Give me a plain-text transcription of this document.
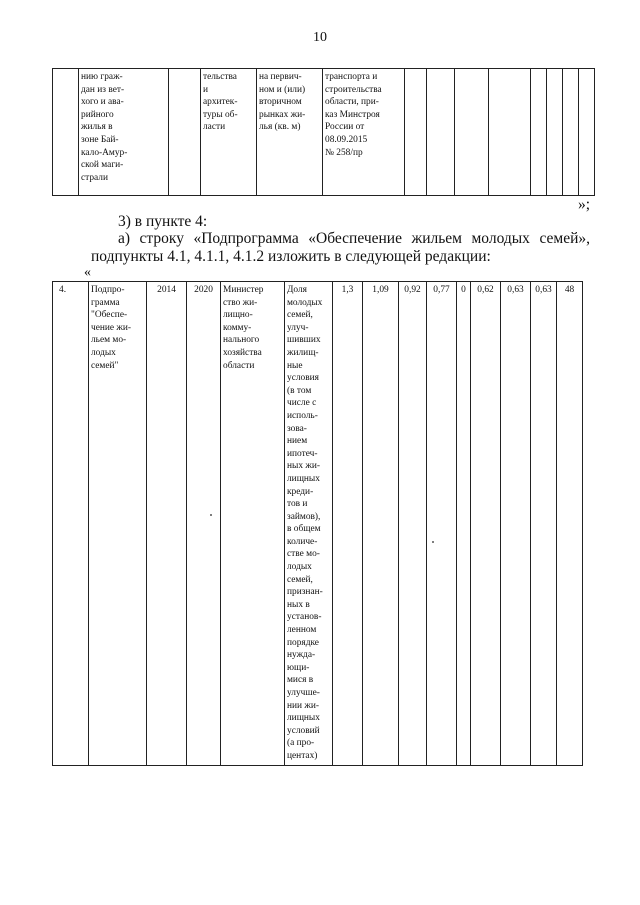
10
	нию граж-
дан из вет-
хого и ава-
рийного
жилья в
зоне Бай-
кало-Амур-
ской маги-
страли		тельства
и
архитек-
туры об-
ласти	на первич-
ном и (или)
вторичном
рынках жи-
лья (кв. м)	транспорта и
строительства
области, при-
каз Минстроя
России от
08.09.2015
№ 258/пр								
»;
3) в пункте 4:
а) строку «Подпрограмма «Обеспечение жильем молодых семей»,
подпункты 4.1, 4.1.1, 4.1.2 изложить в следующей редакции:
«
4.	Подпро-
грамма
"Обеспе-
чение жи-
льем мо-
лодых
семей"	2014	2020	Министер
ство жи-
лищно-
комму-
нального
хозяйства
области	Доля
молодых
семей,
улуч-
шивших
жилищ-
ные
условия
(в том
числе с
исполь-
зова-
нием
ипотеч-
ных жи-
лищных
креди-
тов и
займов),
в общем
количе-
стве мо-
лодых
семей,
признан-
ных в
установ-
ленном
порядке
нужда-
ющи-
мися в
улучше-
нии жи-
лищных
условий
(а про-
центах)	1,3	1,09	0,92	0,77	0	0,62	0,63	0,63	48
